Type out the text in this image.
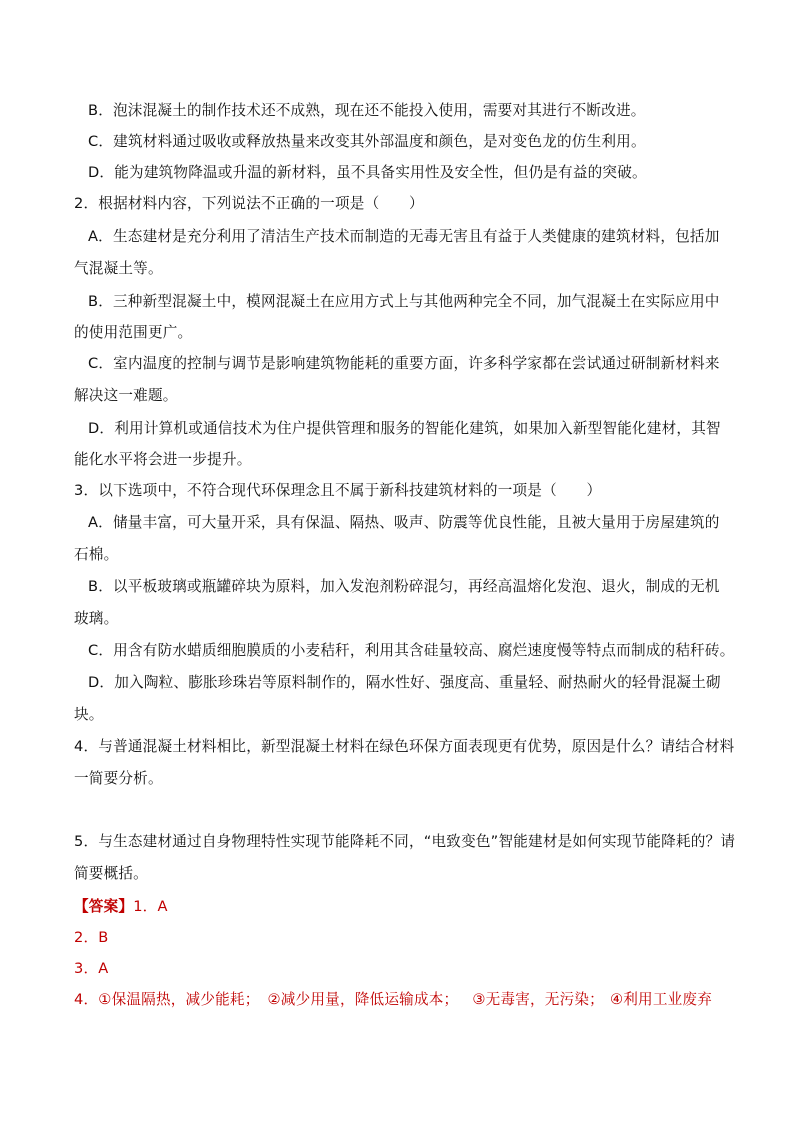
B．泡沫混凝土的制作技术还不成熟，现在还不能投入使用，需要对其进行不断改进。
C．建筑材料通过吸收或释放热量来改变其外部温度和颜色，是对变色龙的仿生利用。
D．能为建筑物降温或升温的新材料，虽不具备实用性及安全性，但仍是有益的突破。
2．根据材料内容，下列说法不正确的一项是（　　）
A．生态建材是充分利用了清洁生产技术而制造的无毒无害且有益于人类健康的建筑材料，包括加
气混凝土等。
B．三种新型混凝土中，模网混凝土在应用方式上与其他两种完全不同，加气混凝土在实际应用中
的使用范围更广。
C．室内温度的控制与调节是影响建筑物能耗的重要方面，许多科学家都在尝试通过研制新材料来
解决这一难题。
D．利用计算机或通信技术为住户提供管理和服务的智能化建筑，如果加入新型智能化建材，其智
能化水平将会进一步提升。
3．以下选项中，不符合现代环保理念且不属于新科技建筑材料的一项是（　　）
A．储量丰富，可大量开采，具有保温、隔热、吸声、防震等优良性能，且被大量用于房屋建筑的
石棉。
B．以平板玻璃或瓶罐碎块为原料，加入发泡剂粉碎混匀，再经高温熔化发泡、退火，制成的无机
玻璃。
C．用含有防水蜡质细胞膜质的小麦秸秆，利用其含硅量较高、腐烂速度慢等特点而制成的秸秆砖。
D．加入陶粒、膨胀珍珠岩等原料制作的，隔水性好、强度高、重量轻、耐热耐火的轻骨混凝土砌
块。
4．与普通混凝土材料相比，新型混凝土材料在绿色环保方面表现更有优势，原因是什么？请结合材料
一简要分析。
5．与生态建材通过自身物理特性实现节能降耗不同，“电致变色”智能建材是如何实现节能降耗的？请
简要概括。
【答案】1．A
2．B
3．A
4．①保温隔热，减少能耗； ②减少用量，降低运输成本； ③无毒害，无污染； ④利用工业废弃
